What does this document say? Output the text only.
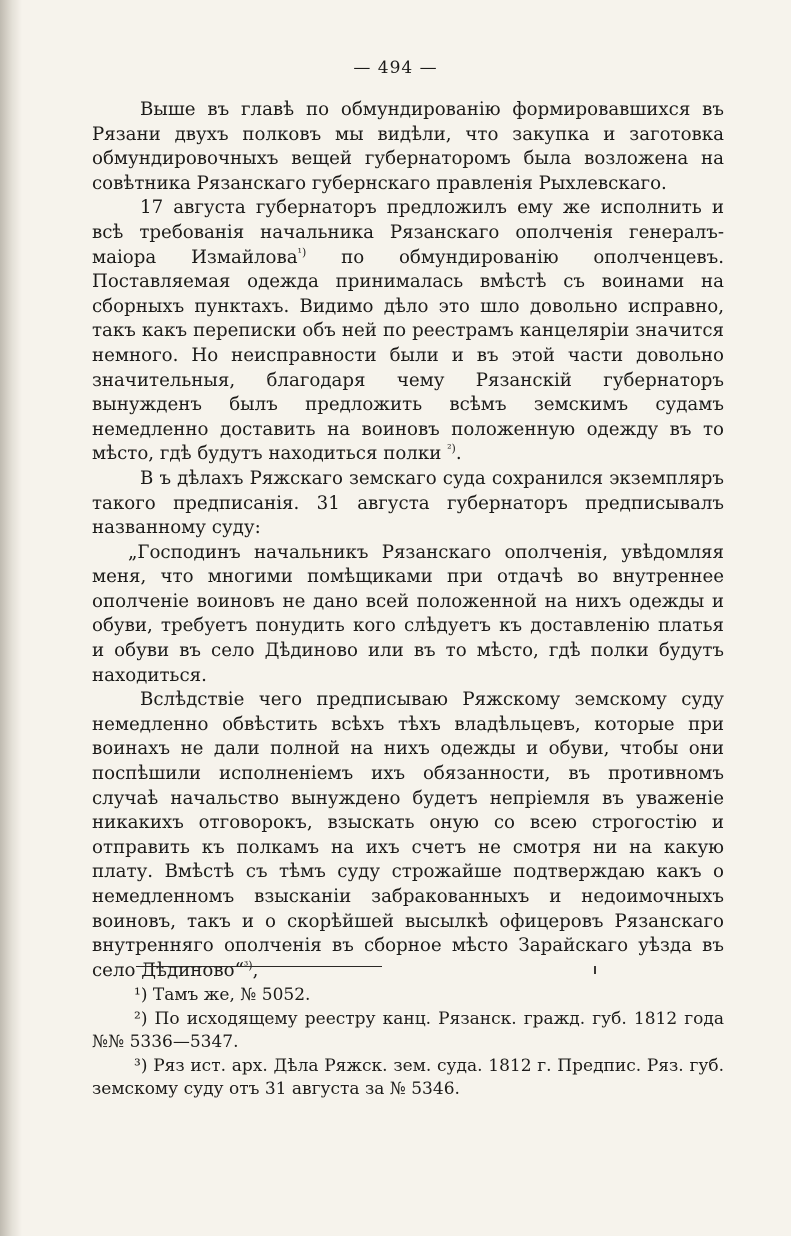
— 494 —

Выше въ главѣ по обмундированію формировавшихся въ Рязани двухъ полковъ мы видѣли, что закупка и заготовка обмундировочныхъ вещей губернаторомъ была возложена на совѣтника Рязанскаго губернскаго правленія Рыхлевскаго.

17 августа губернаторъ предложилъ ему же исполнить и всѣ требованія начальника Рязанскаго ополченія генералъ-маіора Измайлова$^{^1)}$ по обмундированію ополченцевъ. Поставляемая одежда принималась вмѣстѣ съ воинами на сборныхъ пунктахъ. Видимо дѣло это шло довольно исправно, такъ какъ переписки объ ней по реестрамъ канцеляріи значится немного. Но неисправности были и въ этой части довольно значительныя, благодаря чему Рязанскій губернаторъ вынужденъ былъ предложить всѣмъ земскимъ судамъ немедленно доставить на воиновъ положенную одежду въ то мѣсто, гдѣ будутъ находиться полки $^{^2)}$.

В ъ дѣлахъ Ряжскаго земскаго суда сохранился экземпляръ такого предписанія. 31 августа губернаторъ предписывалъ названному суду:

„Господинъ начальникъ Рязанскаго ополченія, увѣдомляя меня, что многими помѣщиками при отдачѣ во внутреннее ополченіе воиновъ не дано всей положенной на нихъ одежды и обуви, требуетъ понудить кого слѣдуетъ къ доставленію платья и обуви въ село Дѣдиново или въ то мѣсто, гдѣ полки будутъ находиться.

Вслѣдствіе чего предписываю Ряжскому земскому суду немедленно обвѣстить всѣхъ тѣхъ владѣльцевъ, которые при воинахъ не дали полной на нихъ одежды и обуви, чтобы они поспѣшили исполненіемъ ихъ обязанности, въ противномъ случаѣ начальство вынуждено будетъ непріемля въ уваженіе никакихъ отговорокъ, взыскать оную со всею строгостію и отправить къ полкамъ на ихъ счетъ не смотря ни на какую плату. Вмѣстѣ съ тѣмъ суду строжайше подтверждаю какъ о немедленномъ взысканіи забракованныхъ и недоимочныхъ воиновъ, такъ и о скорѣйшей высылкѣ офицеровъ Рязанскаго внутренняго ополченія въ сборное мѣсто Зарайскаго уѣзда въ село Дѣдиново“$^{^3)}$,

¹) Тамъ же, № 5052.

²) По исходящему реестру канц. Рязанск. гражд. губ. 1812 года №№ 5336—5347.

³) Ряз ист. арх. Дѣла Ряжск. зем. суда. 1812 г. Предпис. Ряз. губ. земскому суду отъ 31 августа за № 5346.
